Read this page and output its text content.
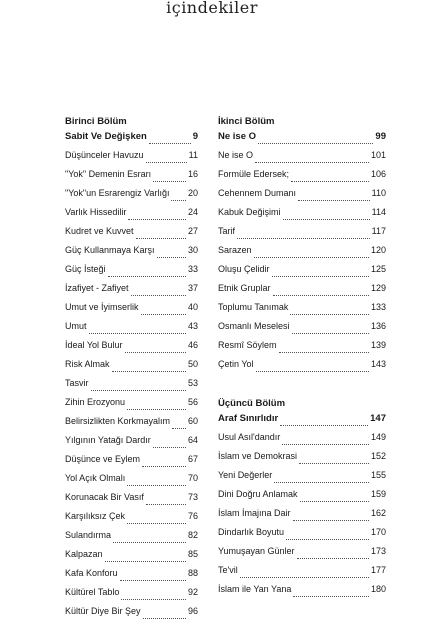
içindekiler
Birinci Bölüm
Sabit Ve Değişken	9
Düşünceler Havuzu	11
"Yok" Demenin Esrarı	16
"Yok"un Esrarengiz Varlığı 20
Varlık Hissedilir	24
Kudret ve Kuvvet	27
Güç Kullanmaya Karşı	30
Güç İsteği	33
İzafiyet - Zafiyet	37
Umut ve İyimserlik	40
Umut	43
İdeal Yol Bulur	46
Risk Almak	50
Tasvir	53
Zihin Erozyonu	56
Belirsizlikten Korkmayalım 60
Yılgının Yatağı Dardır	64
Düşünce ve Eylem	67
Yol Açık Olmalı	70
Korunacak Bir Vasıf	73
Karşılıksız Çek	76
Sulandırma	82
Kalpazan	85
Kafa Konforu	88
Kültürel Tablo	92
Kültür Diye Bir Şey	96
İkinci Bölüm
Ne ise O	99
Ne ise O	101
Formüle Edersek;	106
Cehennem Dumanı	110
Kabuk Değişimi	114
Tarif	117
Sarazen	120
Oluşu Çelidir	125
Etnik Gruplar	129
Toplumu Tanımak	133
Osmanlı Meselesi	136
Resmî Söylem	139
Çetin Yol	143
Üçüncü Bölüm
Araf Sınırlıdır	147
Usul Asıl'dandır	149
İslam ve Demokrasi	152
Yeni Değerler	155
Dini Doğru Anlamak	159
İslam İmajına Dair	162
Dindarlık Boyutu	170
Yumuşayan Günler	173
Te'vil	177
İslam ile Yan Yana	180
